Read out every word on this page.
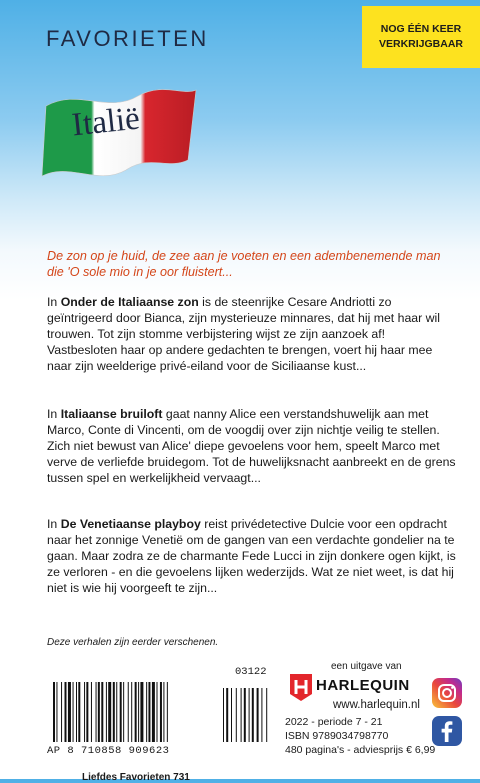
FAVORIETEN	NOG ÉÉN KEER
VERKRIJGBAAR
Italië
De zon op je huid, de zee aan je voeten en een adembenemende man die 'O sole mio in je oor fluistert...
In Onder de Italiaanse zon is de steenrijke Cesare Andriotti zo geïntrigeerd door Bianca, zijn mysterieuze minnares, dat hij met haar wil trouwen. Tot zijn stomme verbijstering wijst ze zijn aanzoek af! Vastbesloten haar op andere gedachten te brengen, voert hij haar mee naar zijn weelderige privé-eiland voor de Siciliaanse kust...
In Italiaanse bruiloft gaat nanny Alice een verstandshuwelijk aan met Marco, Conte di Vincenti, om de voogdij over zijn nichtje veilig te stellen. Zich niet bewust van Alice' diepe gevoelens voor hem, speelt Marco met verve de verliefde bruidegom. Tot de huwelijksnacht aanbreekt en de grens tussen spel en werkelijkheid vervaagt...
In De Venetiaanse playboy reist privédetective Dulcie voor een opdracht naar het zonnige Venetië om de gangen van een verdachte gondelier na te gaan. Maar zodra ze de charmante Fede Lucci in zijn donkere ogen kijkt, is ze verloren - en die gevoelens lijken wederzijds. Wat ze niet weet, is dat hij niet is wie hij voorgeeft te zijn...
Deze verhalen zijn eerder verschenen.
03122
AP 8 710858 909623
Liefdes Favorieten 731
een uitgave van
HARLEQUIN
www.harlequin.nl
2022 - periode 7 - 21
ISBN 9789034798770
480 pagina's - adviesprijs € 6,99
